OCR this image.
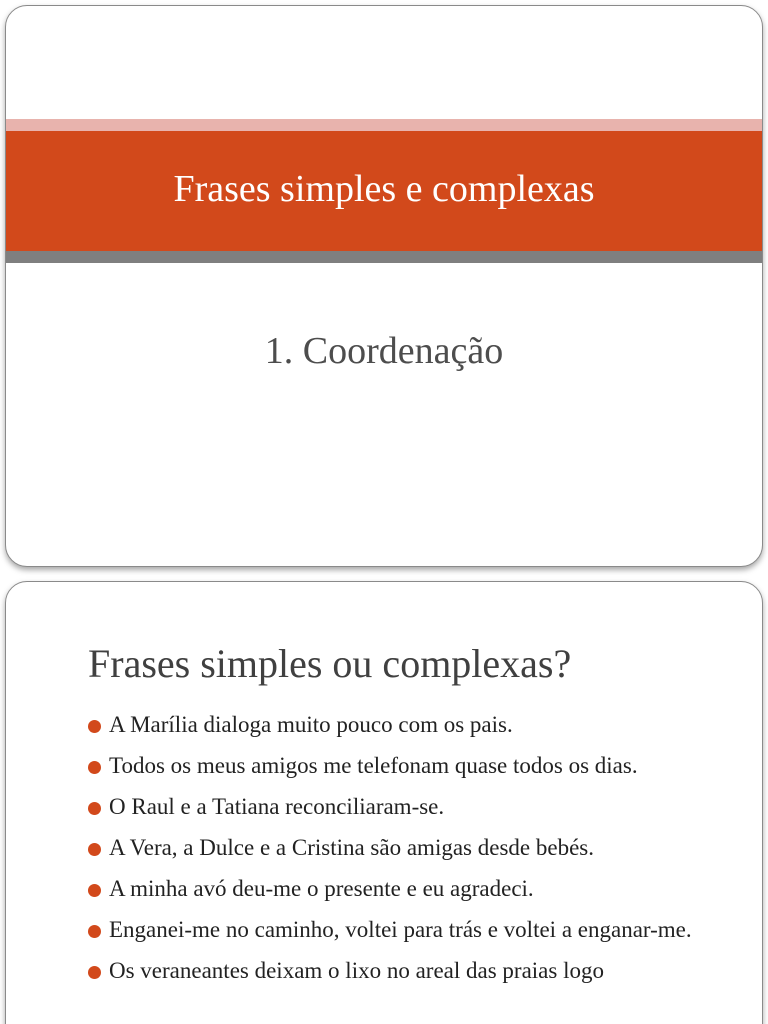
Frases simples e complexas
1. Coordenação
Frases simples ou complexas?
A Marília dialoga muito pouco com os pais.
Todos os meus amigos me telefonam quase todos os dias.
O Raul e a Tatiana reconciliaram-se.
A Vera, a Dulce e a Cristina são amigas desde bebés.
A minha avó deu-me o presente e eu agradeci.
Enganei-me no caminho, voltei para trás e voltei a enganar-me.
Os veraneantes deixam o lixo no areal das praias logo
